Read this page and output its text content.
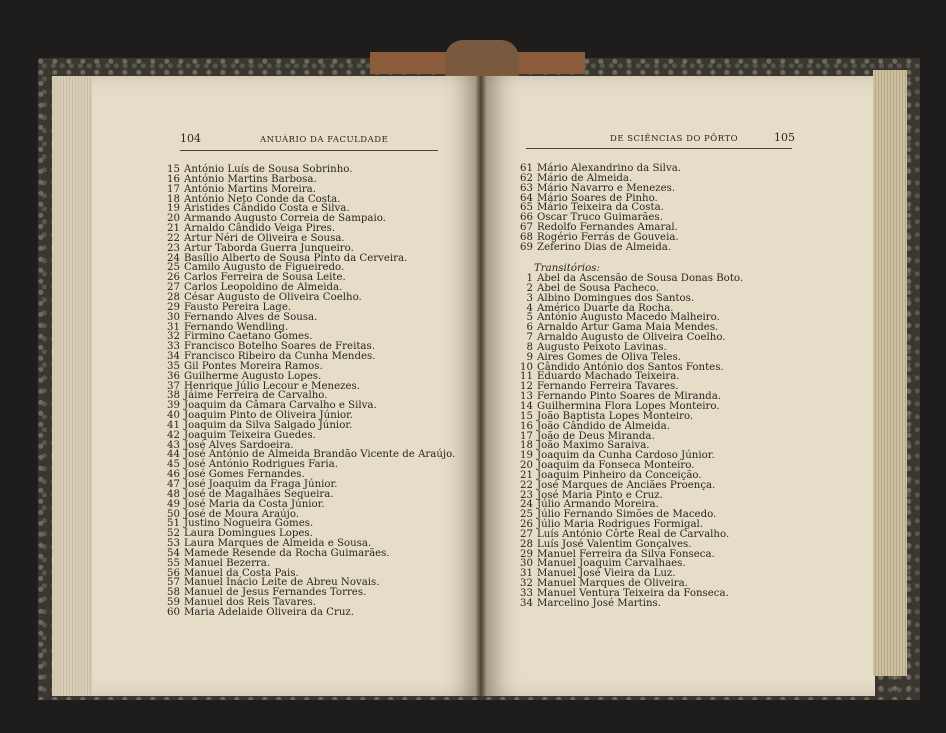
104	ANUÁRIO DA FACULDADE
15 António Luís de Sousa Sobrinho.
16 António Martins Barbosa.
17 António Martins Moreira.
18 António Neto Conde da Costa.
19 Aristides Cândido Costa e Silva.
20 Armando Augusto Correia de Sampaio.
21 Arnaldo Cândido Veiga Pires.
22 Artur Néri de Oliveira e Sousa.
23 Artur Taborda Guerra Junqueiro.
24 Basílio Alberto de Sousa Pinto da Cerveira.
25 Camilo Augusto de Figueiredo.
26 Carlos Ferreira de Sousa Leite.
27 Carlos Leopoldino de Almeida.
28 César Augusto de Oliveira Coelho.
29 Fausto Pereira Lage.
30 Fernando Alves de Sousa.
31 Fernando Wendling.
32 Firmino Caetano Gomes.
33 Francisco Botelho Soares de Freitas.
34 Francisco Ribeiro da Cunha Mendes.
35 Gil Pontes Moreira Ramos.
36 Guilherme Augusto Lopes.
37 Henrique Júlio Lecour e Menezes.
38 Jáime Ferreira de Carvalho.
39 Joaquim da Câmara Carvalho e Silva.
40 Joaquim Pinto de Oliveira Júnior.
41 Joaquim da Silva Salgado Júnior.
42 Joaquim Teixeira Guedes.
43 José Alves Sardoeira.
44 José António de Almeida Brandão Vicente de Araújo.
45 José António Rodrigues Faria.
46 José Gomes Fernandes.
47 José Joaquim da Fraga Júnior.
48 José de Magalhães Sequeira.
49 José Maria da Costa Júnior.
50 José de Moura Araújo.
51 Justino Nogueira Gomes.
52 Laura Domingues Lopes.
53 Laura Marques de Almeida e Sousa.
54 Mamede Resende da Rocha Guimarães.
55 Manuel Bezerra.
56 Manuel da Costa Pais.
57 Manuel Inácio Leite de Abreu Novais.
58 Manuel de Jesus Fernandes Torres.
59 Manuel dos Reis Tavares.
60 Maria Adelaide Oliveira da Cruz.
DE SCIÊNCIAS DO PÔRTO	105
61 Mário Alexandrino da Silva.
62 Mário de Almeida.
63 Mário Navarro e Menezes.
64 Mário Soares de Pinho.
65 Mário Teixeira da Costa.
66 Oscar Truco Guimarães.
67 Redolfo Fernandes Amaral.
68 Rogério Ferrás de Gouveia.
69 Zeferino Dias de Almeida.
Transitórios:
1 Abel da Ascensão de Sousa Donas Boto.
2 Abel de Sousa Pacheco.
3 Albino Domingues dos Santos.
4 Américo Duarte da Rocha.
5 António Augusto Macedo Malheiro.
6 Arnaldo Artur Gama Maia Mendes.
7 Arnaldo Augusto de Oliveira Coelho.
8 Augusto Peixoto Lavinas.
9 Aires Gomes de Oliva Teles.
10 Cândido António dos Santos Fontes.
11 Eduardo Machado Teixeira.
12 Fernando Ferreira Tavares.
13 Fernando Pinto Soares de Miranda.
14 Guilhermina Flora Lopes Monteiro.
15 João Baptista Lopes Monteiro.
16 João Cândido de Almeida.
17 João de Deus Miranda.
18 João Maximo Saraiva.
19 Joaquim da Cunha Cardoso Júnior.
20 Joaquim da Fonseca Monteiro.
21 Joaquim Pinheiro da Conceição.
22 José Marques de Anciães Proença.
23 José Maria Pinto e Cruz.
24 Júlio Armando Moreira.
25 Júlio Fernando Simões de Macedo.
26 Júlio Maria Rodrigues Formigal.
27 Luís António Côrte Real de Carvalho.
28 Luís José Valentim Gonçalves.
29 Manuel Ferreira da Silva Fonseca.
30 Manuel Joaquim Carvalhaes.
31 Manuel José Vieira da Luz.
32 Manuel Marques de Oliveira.
33 Manuel Ventura Teixeira da Fonseca.
34 Marcelino José Martins.
